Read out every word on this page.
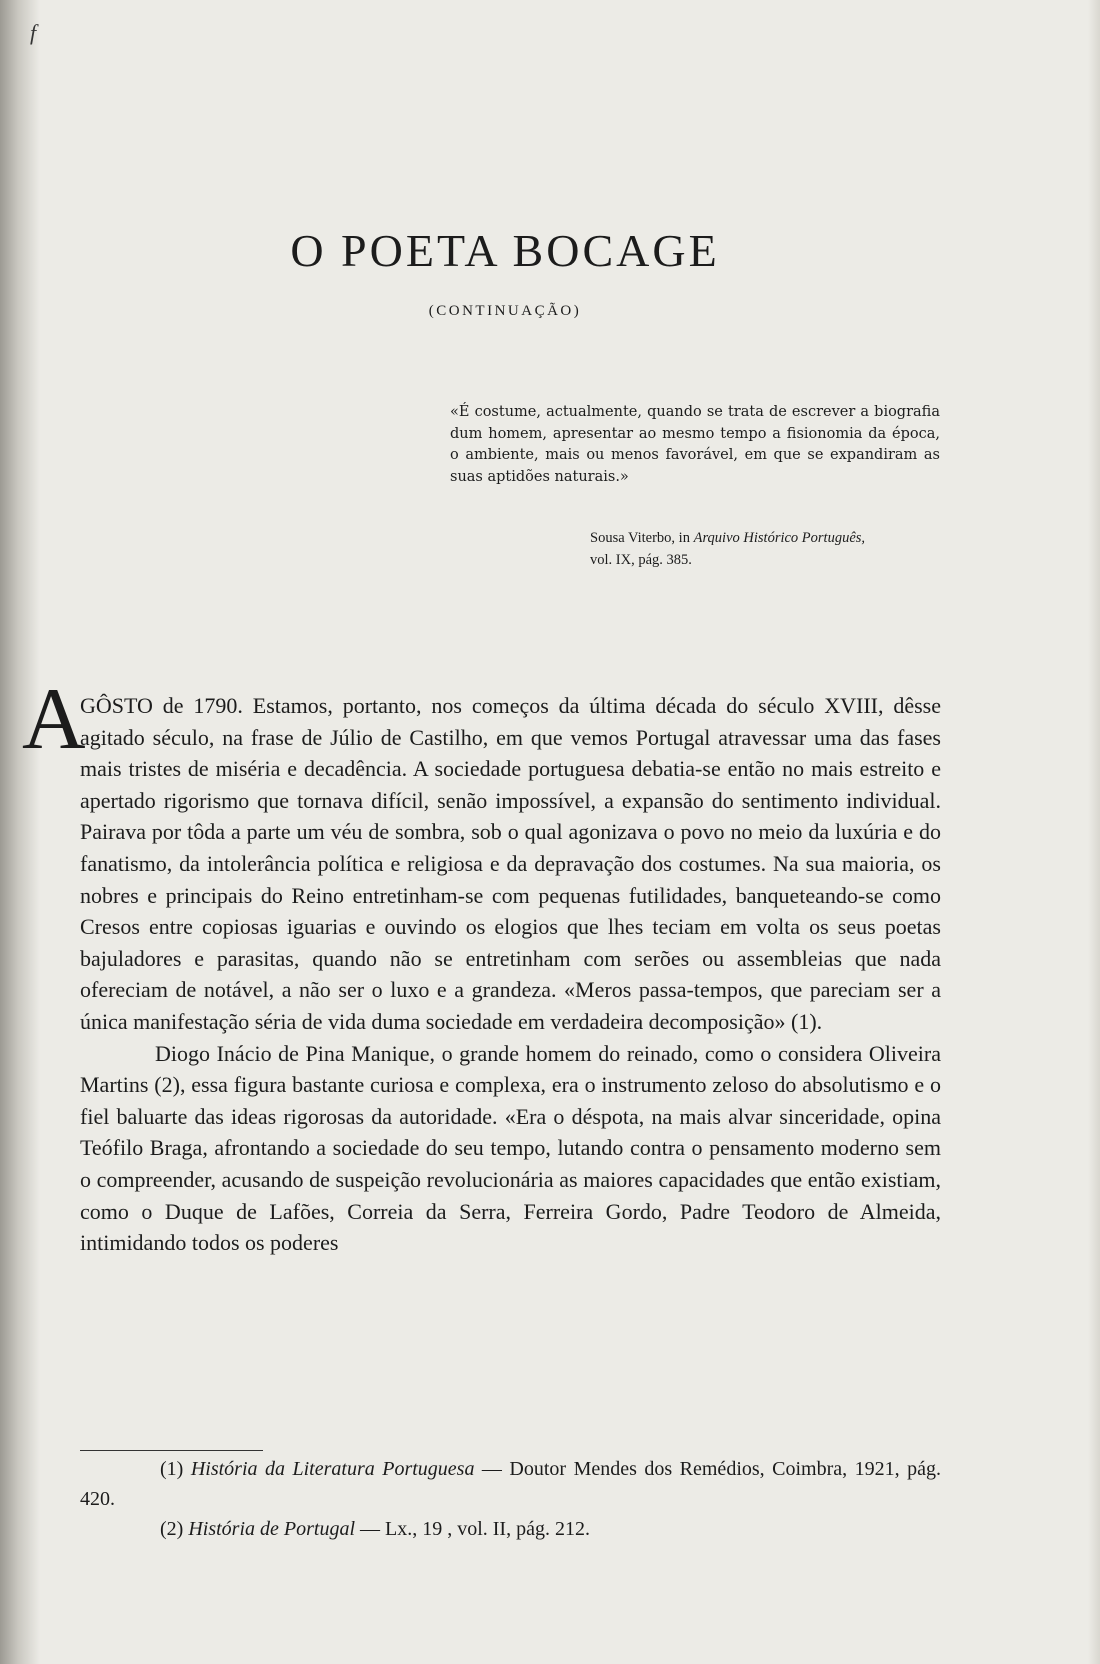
f
O POETA BOCAGE
(CONTINUAÇÃO)
«É costume, actualmente, quando se trata de escrever a biografia dum homem, apresentar ao mesmo tempo a fisionomia da época, o ambiente, mais ou menos favorável, em que se expandiram as suas aptidões naturais.»
Sousa Viterbo, in Arquivo Histórico Português,
vol. IX, pág. 385.
A

GÔSTO de 1790. Estamos, portanto, nos começos da última década do século XVIII, dêsse agitado século, na frase de Júlio de Castilho, em que vemos Portugal atravessar uma das fases mais tristes de miséria e decadência. A sociedade portuguesa debatia-se então no mais estreito e apertado rigorismo que tornava difícil, senão impossível, a expansão do sentimento individual. Pairava por tôda a parte um véu de sombra, sob o qual agonizava o povo no meio da luxúria e do fanatismo, da intolerância política e religiosa e da depravação dos costumes. Na sua maioria, os nobres e principais do Reino entretinham-se com pequenas futilidades, banqueteando-se como Cresos entre copiosas iguarias e ouvindo os elogios que lhes teciam em volta os seus poetas bajuladores e parasitas, quando não se entretinham com serões ou assembleias que nada ofereciam de notável, a não ser o luxo e a grandeza. «Meros passa-tempos, que pareciam ser a única manifestação séria de vida duma sociedade em verdadeira decomposição» (1).

Diogo Inácio de Pina Manique, o grande homem do reinado, como o considera Oliveira Martins (2), essa figura bastante curiosa e complexa, era o instrumento zeloso do absolutismo e o fiel baluarte das ideas rigorosas da autoridade. «Era o déspota, na mais alvar sinceridade, opina Teófilo Braga, afrontando a sociedade do seu tempo, lutando contra o pensamento moderno sem o compreender, acusando de suspeição revolucionária as maiores capacidades que então existiam, como o Duque de Lafões, Correia da Serra, Ferreira Gordo, Padre Teodoro de Almeida, intimidando todos os poderes

(1) História da Literatura Portuguesa — Doutor Mendes dos Remédios, Coimbra, 1921, pág. 420.

(2) História de Portugal — Lx., 19 , vol. II, pág. 212.
